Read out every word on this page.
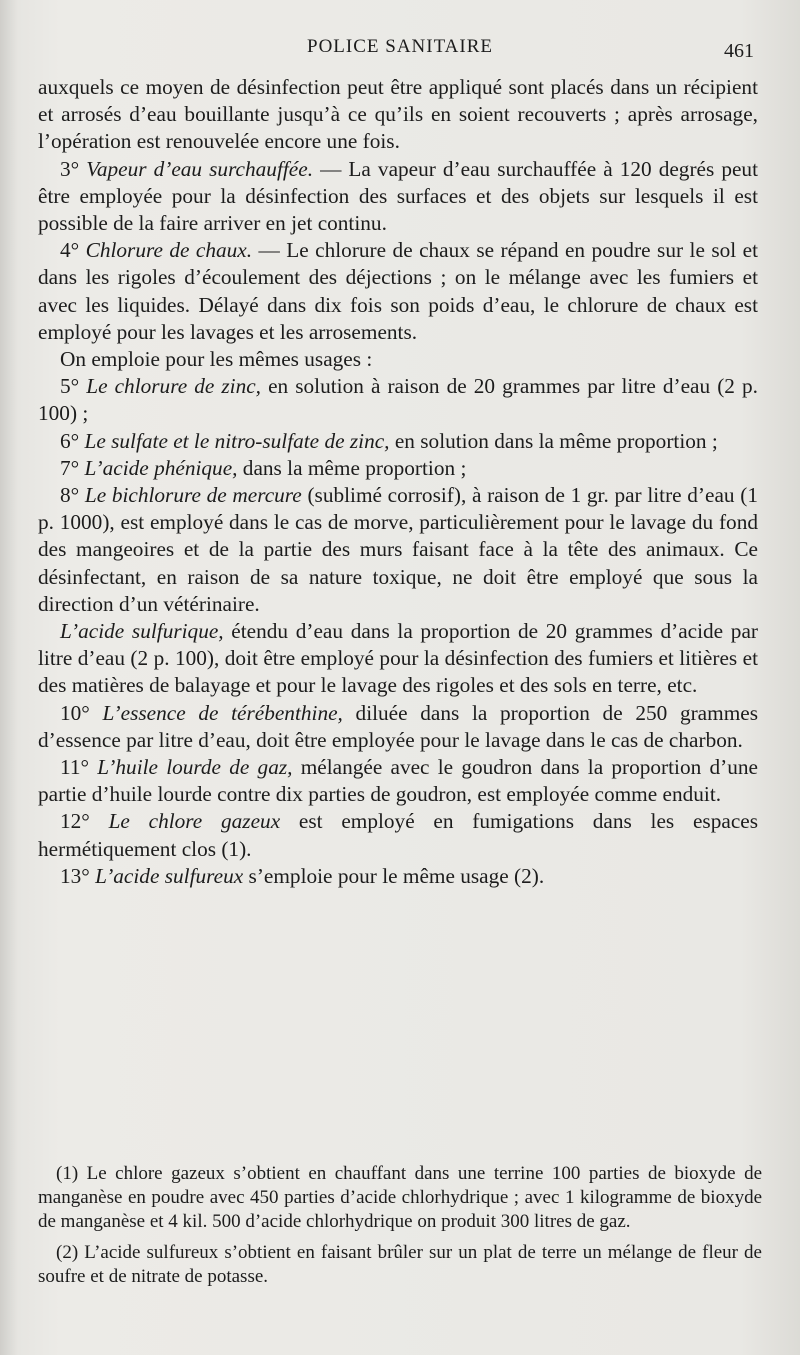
POLICE SANITAIRE	461

auxquels ce moyen de désinfection peut être appliqué sont placés dans un récipient et arrosés d’eau bouillante jusqu’à ce qu’ils en soient recouverts ; après arrosage, l’opération est renouvelée encore une fois.

3° Vapeur d’eau surchauffée. — La vapeur d’eau surchauffée à 120 degrés peut être employée pour la désinfection des surfaces et des objets sur lesquels il est possible de la faire arriver en jet continu.

4° Chlorure de chaux. — Le chlorure de chaux se répand en poudre sur le sol et dans les rigoles d’écoulement des déjections ; on le mélange avec les fumiers et avec les liquides. Délayé dans dix fois son poids d’eau, le chlorure de chaux est employé pour les lavages et les arrosements.

On emploie pour les mêmes usages :

5° Le chlorure de zinc, en solution à raison de 20 grammes par litre d’eau (2 p. 100) ;

6° Le sulfate et le nitro-sulfate de zinc, en solution dans la même proportion ;

7° L’acide phénique, dans la même proportion ;

8° Le bichlorure de mercure (sublimé corrosif), à raison de 1 gr. par litre d’eau (1 p. 1000), est employé dans le cas de morve, particulièrement pour le lavage du fond des mangeoires et de la partie des murs faisant face à la tête des animaux. Ce désinfectant, en raison de sa nature toxique, ne doit être employé que sous la direction d’un vétérinaire.

L’acide sulfurique, étendu d’eau dans la proportion de 20 grammes d’acide par litre d’eau (2 p. 100), doit être employé pour la désinfection des fumiers et litières et des matières de balayage et pour le lavage des rigoles et des sols en terre, etc.

10° L’essence de térébenthine, diluée dans la proportion de 250 grammes d’essence par litre d’eau, doit être employée pour le lavage dans le cas de charbon.

11° L’huile lourde de gaz, mélangée avec le goudron dans la proportion d’une partie d’huile lourde contre dix parties de goudron, est employée comme enduit.

12° Le chlore gazeux est employé en fumigations dans les espaces hermétiquement clos (1).

13° L’acide sulfureux s’emploie pour le même usage (2).

(1) Le chlore gazeux s’obtient en chauffant dans une terrine 100 parties de bioxyde de manganèse en poudre avec 450 parties d’acide chlorhydrique ; avec 1 kilogramme de bioxyde de manganèse et 4 kil. 500 d’acide chlorhydrique on produit 300 litres de gaz.

(2) L’acide sulfureux s’obtient en faisant brûler sur un plat de terre un mélange de fleur de soufre et de nitrate de potasse.
